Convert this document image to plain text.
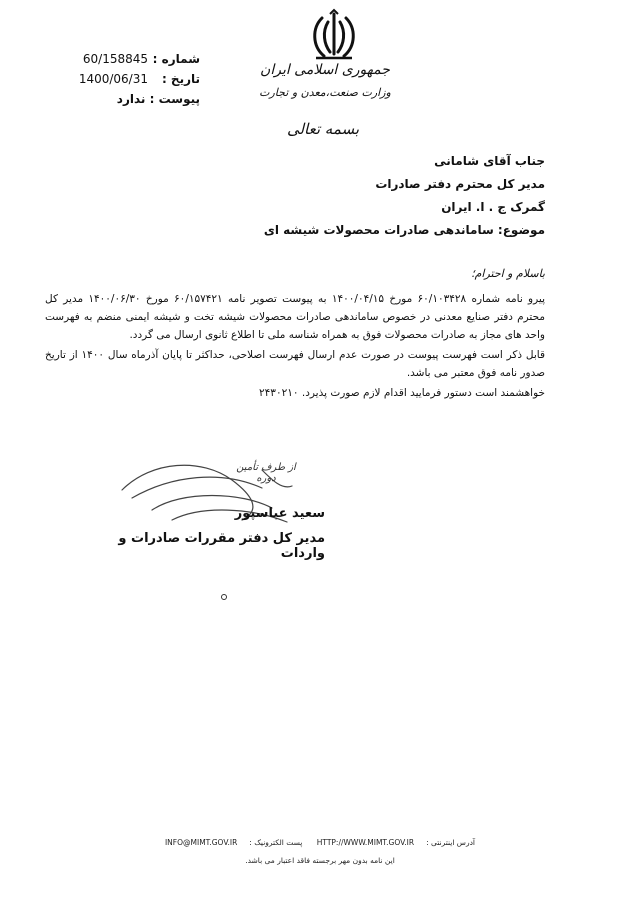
60/158845 شماره :
1400/06/31 تاریخ :
پیوست : ندارد
جمهوری اسلامی ایران
وزارت صنعت،معدن و تجارت
بسمه تعالی
جناب آقای شامانی
مدیر کل محترم دفتر صادرات
گمرک ج . ا. ایران
موضوع: ساماندهی صادرات محصولات شیشه ای
باسلام و احترام؛

پیرو نامه شماره ۶۰/۱۰۳۴۲۸ مورخ ۱۴۰۰/۰۴/۱۵ به پیوست تصویر نامه ۶۰/۱۵۷۴۲۱ مورخ ۱۴۰۰/۰۶/۳۰ مدیر کل محترم دفتر صنایع معدنی در خصوص ساماندهی صادرات محصولات شیشه تخت و شیشه ایمنی منضم به فهرست واحد های مجاز به صادرات محصولات فوق به همراه شناسه ملی تا اطلاع ثانوی ارسال می گردد.

قابل ذکر است فهرست پیوست در صورت عدم ارسال فهرست اصلاحی، حداکثر تا پایان آذرماه سال ۱۴۰۰ از تاریخ صدور نامه فوق معتبر می باشد.

خواهشمند است دستور فرمایید اقدام لازم صورت پذیرد. ۲۴۳۰۲۱۰

از طرف تأمین دوره
سعید عباسپور
مدیر کل دفتر مقررات صادرات و واردات
INFO@MIMT.GOV.IR : پست الکترونیک HTTP://WWW.MIMT.GOV.IR : آدرس اینترنتی
این نامه بدون مهر برجسته فاقد اعتبار می باشد.
